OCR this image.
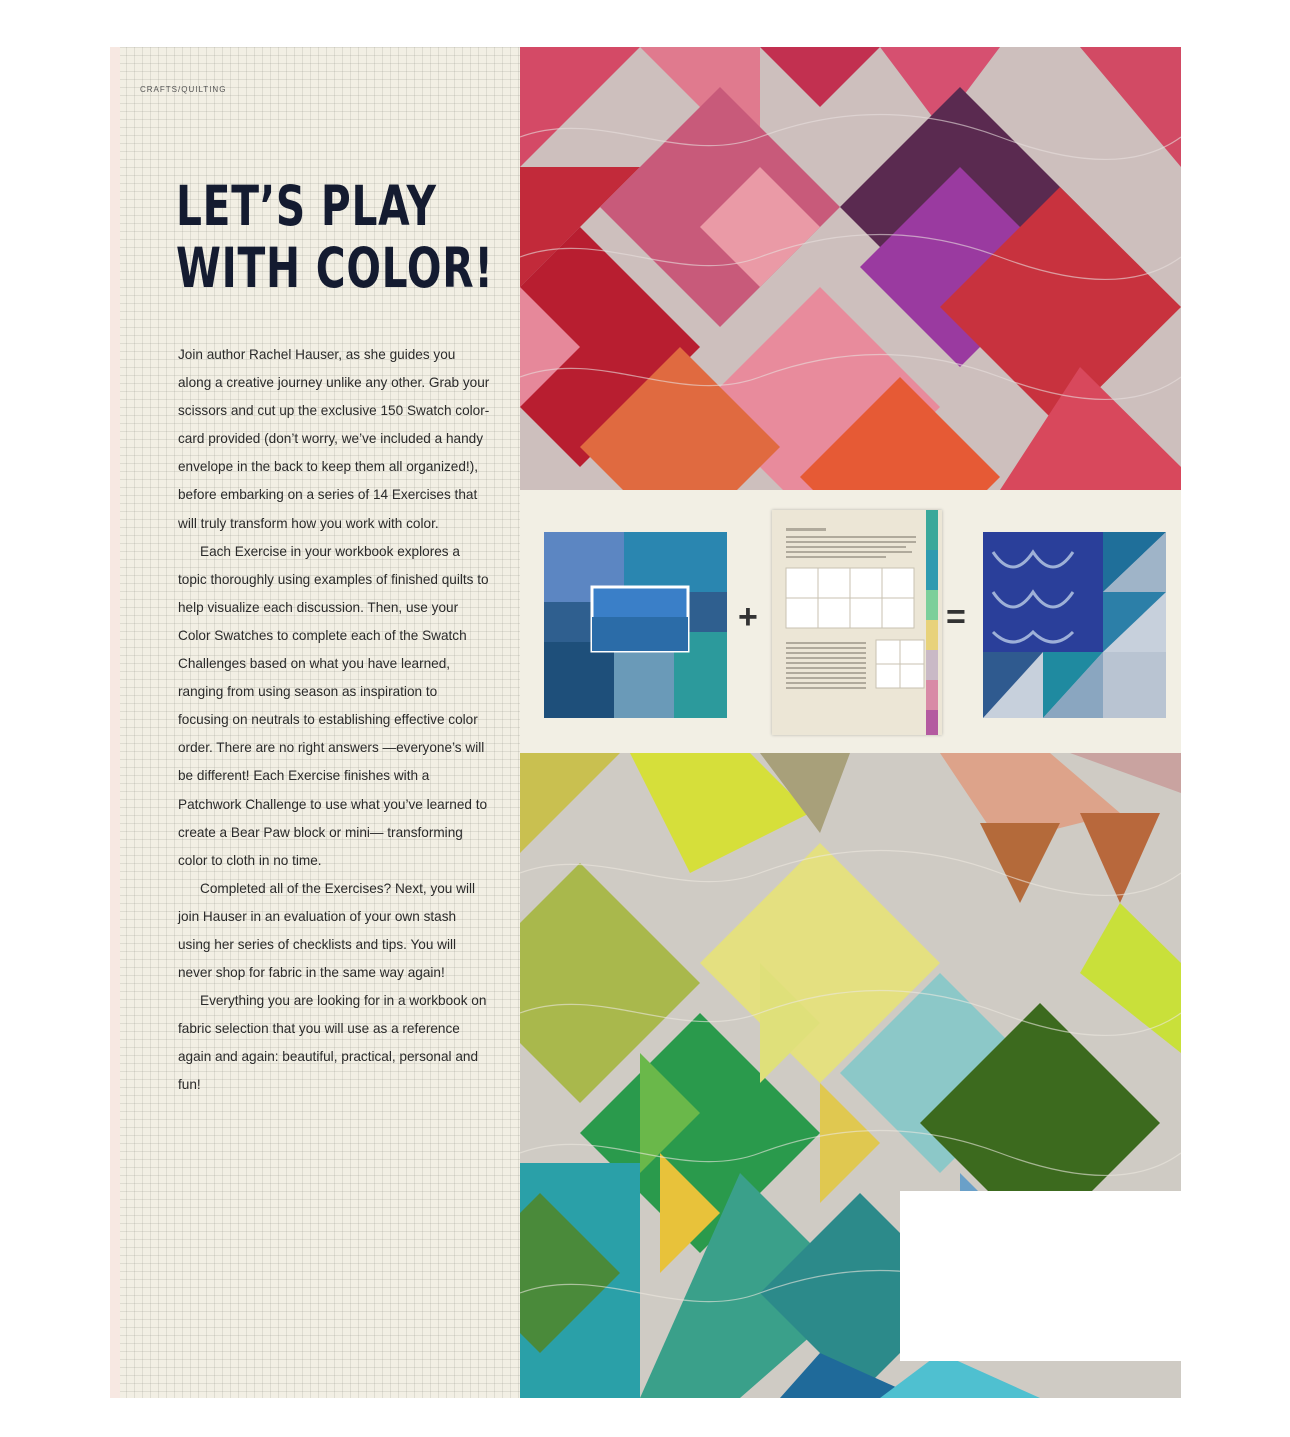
CRAFTS/QUILTING

LET’S PLAY
WITH COLOR!

Join author Rachel Hauser, as she guides you along a creative journey unlike any other. Grab your scissors and cut up the exclusive 150 Swatch color-card provided (don’t worry, we’ve included a handy envelope in the back to keep them all organized!), before embarking on a series of 14 Exercises that will truly transform how you work with color.

Each Exercise in your workbook explores a topic thoroughly using examples of finished quilts to help visualize each discussion. Then, use your Color Swatches to complete each of the Swatch Challenges based on what you have learned, ranging from using season as inspiration to focusing on neutrals to establishing effective color order. There are no right answers —everyone’s will be different! Each Exercise finishes with a Patchwork Challenge to use what you’ve learned to create a Bear Paw block or mini— transforming color to cloth in no time.

Completed all of the Exercises? Next, you will join Hauser in an evaluation of your own stash using her series of checklists and tips. You will never shop for fabric in the same way again!

Everything you are looking for in a workbook on fabric selection that you will use as a reference again and again: beautiful, practical, personal and fun!

+	=
